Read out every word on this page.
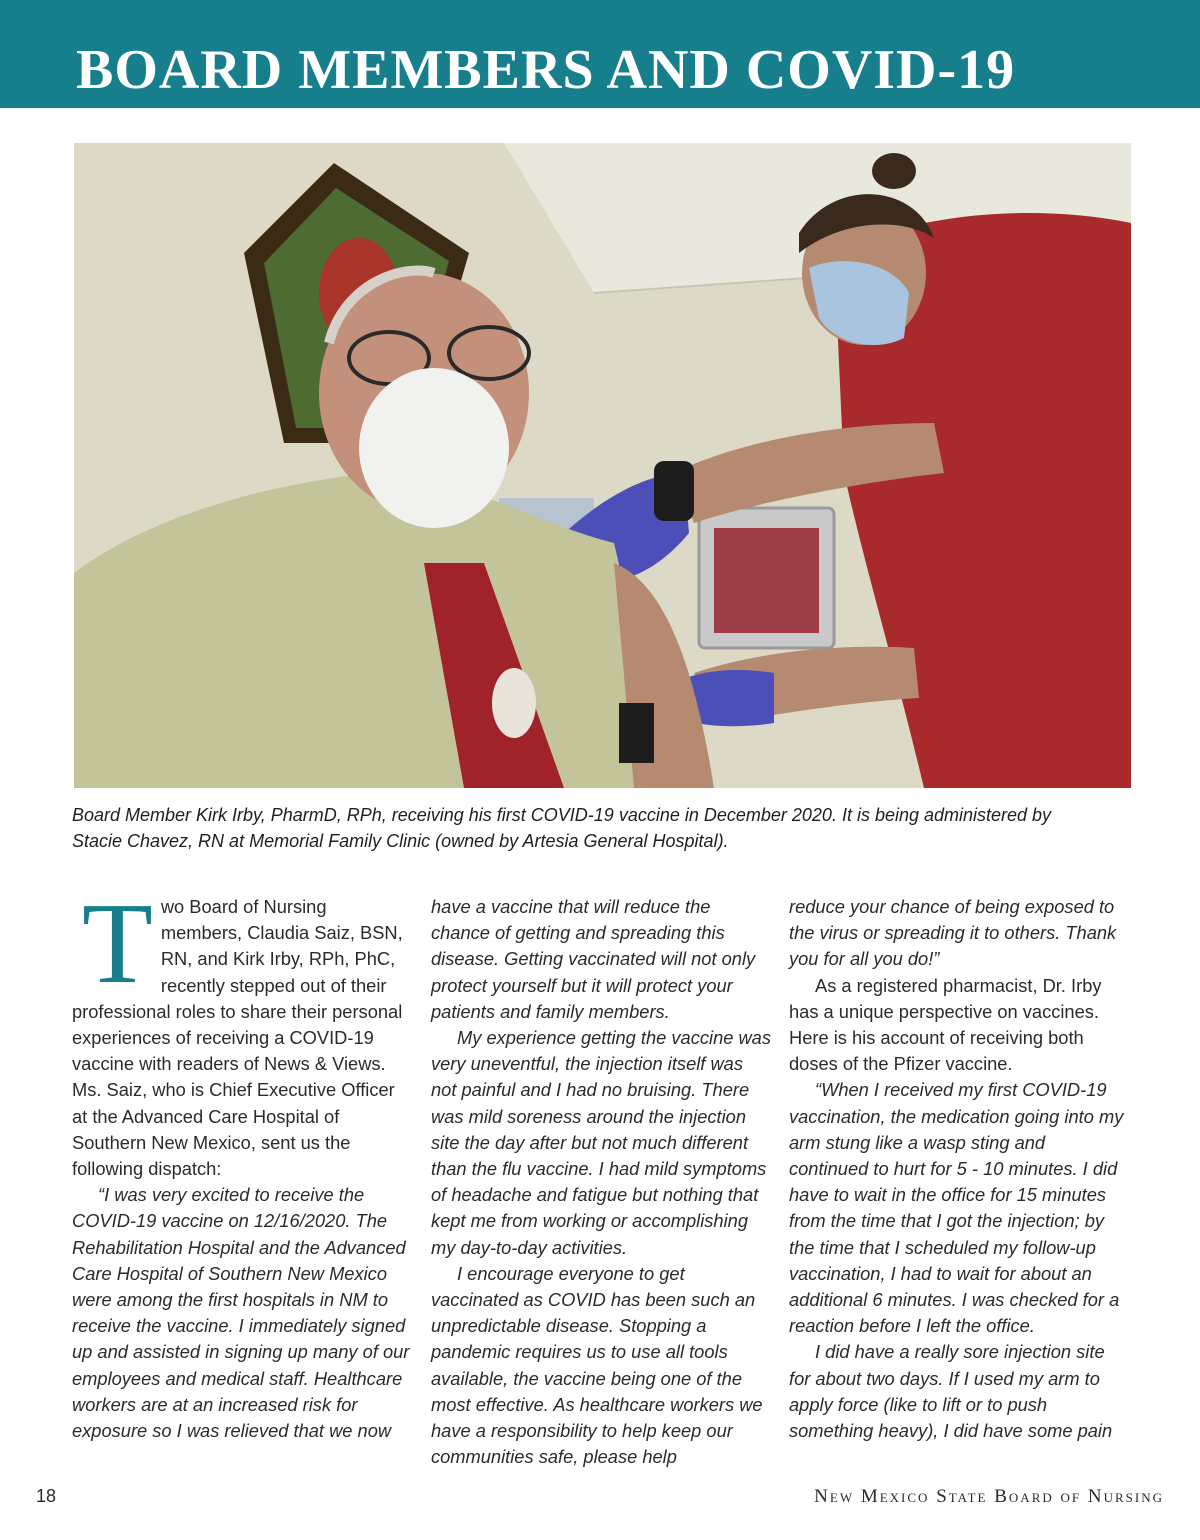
BOARD MEMBERS AND COVID-19

Board Member Kirk Irby, PharmD, RPh, receiving his first COVID-19 vaccine in December 2020. It is being administered by
Stacie Chavez, RN at Memorial Family Clinic (owned by Artesia General Hospital).

Two Board of Nursing members, Claudia Saiz, BSN, RN, and Kirk Irby, RPh, PhC, recently stepped out of their professional roles to share their personal experiences of receiving a COVID-19 vaccine with readers of News & Views. Ms. Saiz, who is Chief Executive Officer at the Advanced Care Hospital of Southern New Mexico, sent us the following dispatch:

“I was very excited to receive the COVID-19 vaccine on 12/16/2020. The Rehabilitation Hospital and the Advanced Care Hospital of Southern New Mexico were among the first hospitals in NM to receive the vaccine. I immediately signed up and assisted in signing up many of our employees and medical staff. Healthcare workers are at an increased risk for exposure so I was relieved that we now

have a vaccine that will reduce the chance of getting and spreading this disease. Getting vaccinated will not only protect yourself but it will protect your patients and family members.

My experience getting the vaccine was very uneventful, the injection itself was not painful and I had no bruising. There was mild soreness around the injection site the day after but not much different than the flu vaccine. I had mild symptoms of headache and fatigue but nothing that kept me from working or accomplishing my day-to-day activities.

I encourage everyone to get vaccinated as COVID has been such an unpredictable disease. Stopping a pandemic requires us to use all tools available, the vaccine being one of the most effective. As healthcare workers we have a responsibility to help keep our communities safe, please help

reduce your chance of being exposed to the virus or spreading it to others. Thank you for all you do!”

As a registered pharmacist, Dr. Irby has a unique perspective on vaccines. Here is his account of receiving both doses of the Pfizer vaccine.

“When I received my first COVID-19 vaccination, the medication going into my arm stung like a wasp sting and continued to hurt for 5 - 10 minutes. I did have to wait in the office for 15 minutes from the time that I got the injection; by the time that I scheduled my follow-up vaccination, I had to wait for about an additional 6 minutes. I was checked for a reaction before I left the office.

I did have a really sore injection site for about two days. If I used my arm to apply force (like to lift or to push something heavy), I did have some pain

18	New Mexico State Board of Nursing
